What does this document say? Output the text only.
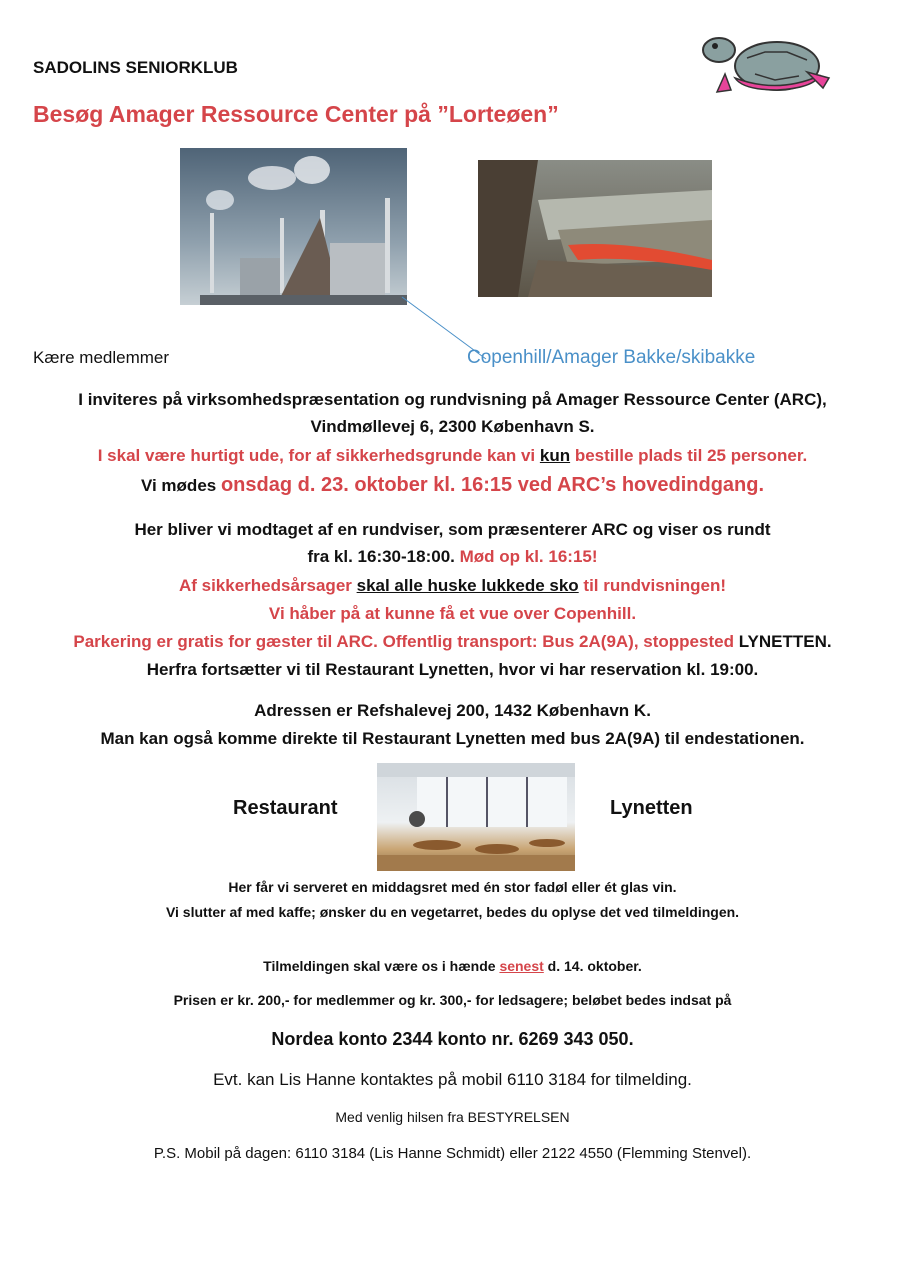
SADOLINS SENIORKLUB
Besøg Amager Ressource Center på ”Lorteøen”
Kære medlemmer	Copenhill/Amager Bakke/skibakke
I inviteres på virksomhedspræsentation og rundvisning på Amager Ressource Center (ARC),
Vindmøllevej 6, 2300 København S.
I skal være hurtigt ude, for af sikkerhedsgrunde kan vi kun bestille plads til 25 personer.
Vi mødes onsdag d. 23. oktober kl. 16:15 ved ARC’s hovedindgang.
Her bliver vi modtaget af en rundviser, som præsenterer ARC og viser os rundt
fra kl. 16:30-18:00. Mød op kl. 16:15!
Af sikkerhedsårsager skal alle huske lukkede sko til rundvisningen!
Vi håber på at kunne få et vue over Copenhill.
Parkering er gratis for gæster til ARC. Offentlig transport: Bus 2A(9A), stoppested LYNETTEN.
Herfra fortsætter vi til Restaurant Lynetten, hvor vi har reservation kl. 19:00.
Adressen er Refshalevej 200, 1432 København K.
Man kan også komme direkte til Restaurant Lynetten med bus 2A(9A) til endestationen.
Restaurant	Lynetten
Her får vi serveret en middagsret med én stor fadøl eller ét glas vin.
Vi slutter af med kaffe; ønsker du en vegetarret, bedes du oplyse det ved tilmeldingen.
Tilmeldingen skal være os i hænde senest d. 14. oktober.
Prisen er kr. 200,- for medlemmer og kr. 300,- for ledsagere; beløbet bedes indsat på
Nordea konto 2344 konto nr. 6269 343 050.
Evt. kan Lis Hanne kontaktes på mobil 6110 3184 for tilmelding.
Med venlig hilsen fra BESTYRELSEN
P.S. Mobil på dagen: 6110 3184 (Lis Hanne Schmidt) eller 2122 4550 (Flemming Stenvel).
